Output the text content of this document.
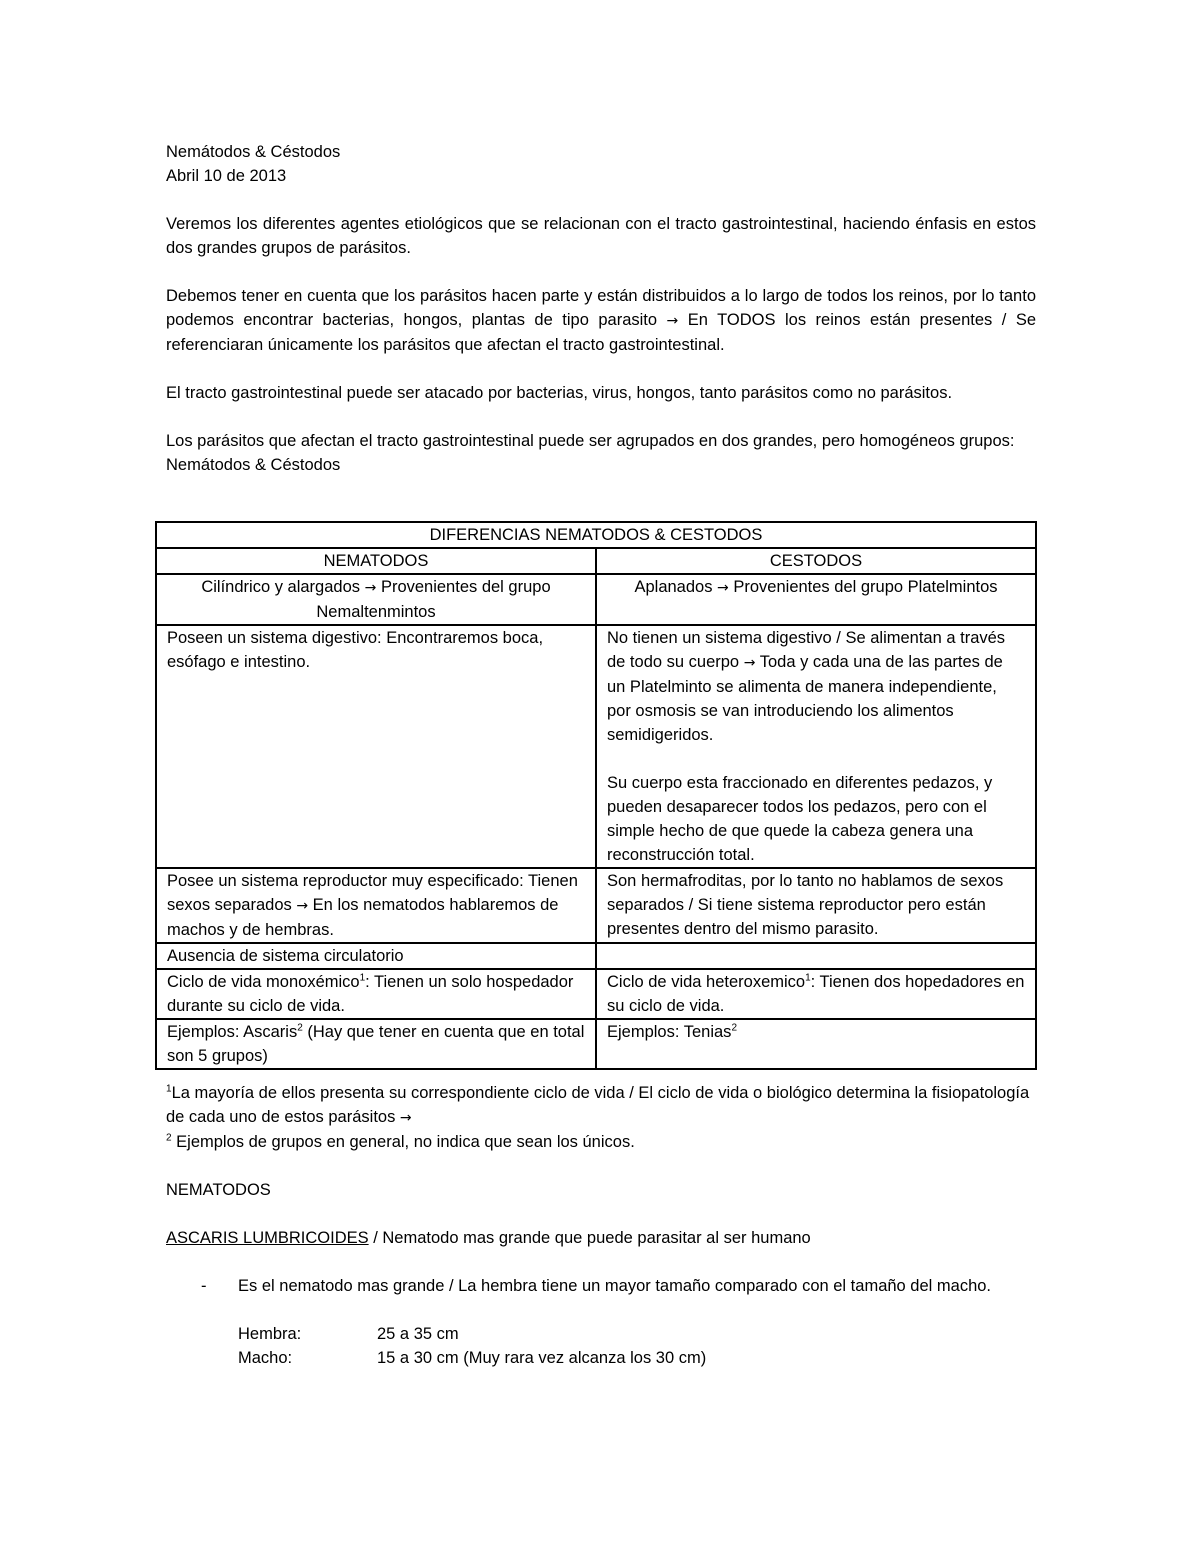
Nemátodos & Céstodos

Abril 10 de 2013

Veremos los diferentes agentes etiológicos que se relacionan con el tracto gastrointestinal, haciendo énfasis en estos dos grandes grupos de parásitos.

Debemos tener en cuenta que los parásitos hacen parte y están distribuidos a lo largo de todos los reinos, por lo tanto podemos encontrar bacterias, hongos, plantas de tipo parasito → En TODOS los reinos están presentes / Se referenciaran únicamente los parásitos que afectan el tracto gastrointestinal.

El tracto gastrointestinal puede ser atacado por bacterias, virus, hongos, tanto parásitos como no parásitos.

Los parásitos que afectan el tracto gastrointestinal puede ser agrupados en dos grandes, pero homogéneos grupos: Nemátodos & Céstodos

DIFERENCIAS NEMATODOS & CESTODOS	
NEMATODOS	CESTODOS
Cilíndrico y alargados → Provenientes del grupo Nemaltenmintos	Aplanados → Provenientes del grupo Platelmintos
Poseen un sistema digestivo: Encontraremos boca, esófago e intestino.	No tienen un sistema digestivo / Se alimentan a través de todo su cuerpo → Toda y cada una de las partes de un Platelminto se alimenta de manera independiente, por osmosis se van introduciendo los alimentos semidigeridos.
Su cuerpo esta fraccionado en diferentes pedazos, y pueden desaparecer todos los pedazos, pero con el simple hecho de que quede la cabeza genera una reconstrucción total.

Posee un sistema reproductor muy especificado: Tienen sexos separados → En los nematodos hablaremos de machos y de hembras.	Son hermafroditas, por lo tanto no hablamos de sexos separados / Si tiene sistema reproductor pero están presentes dentro del mismo parasito.
Ausencia de sistema circulatorio	
Ciclo de vida monoxémico$^1$: Tienen un solo hospedador durante su ciclo de vida.	Ciclo de vida heteroxemico$^1$: Tienen dos hopedadores en su ciclo de vida.
Ejemplos: Ascaris$^2$ (Hay que tener en cuenta que en total son 5 grupos)	Ejemplos: Tenias$^2$

$^1$La mayoría de ellos presenta su correspondiente ciclo de vida / El ciclo de vida o biológico determina la fisiopatología de cada uno de estos parásitos →

$^2$ Ejemplos de grupos en general, no indica que sean los únicos.

NEMATODOS

ASCARIS LUMBRICOIDES / Nematodo mas grande que puede parasitar al ser humano

- Es el nematodo mas grande / La hembra tiene un mayor tamaño comparado con el tamaño del macho.
Hembra:	25 a 35 cm
Macho:	15 a 30 cm (Muy rara vez alcanza los 30 cm)
